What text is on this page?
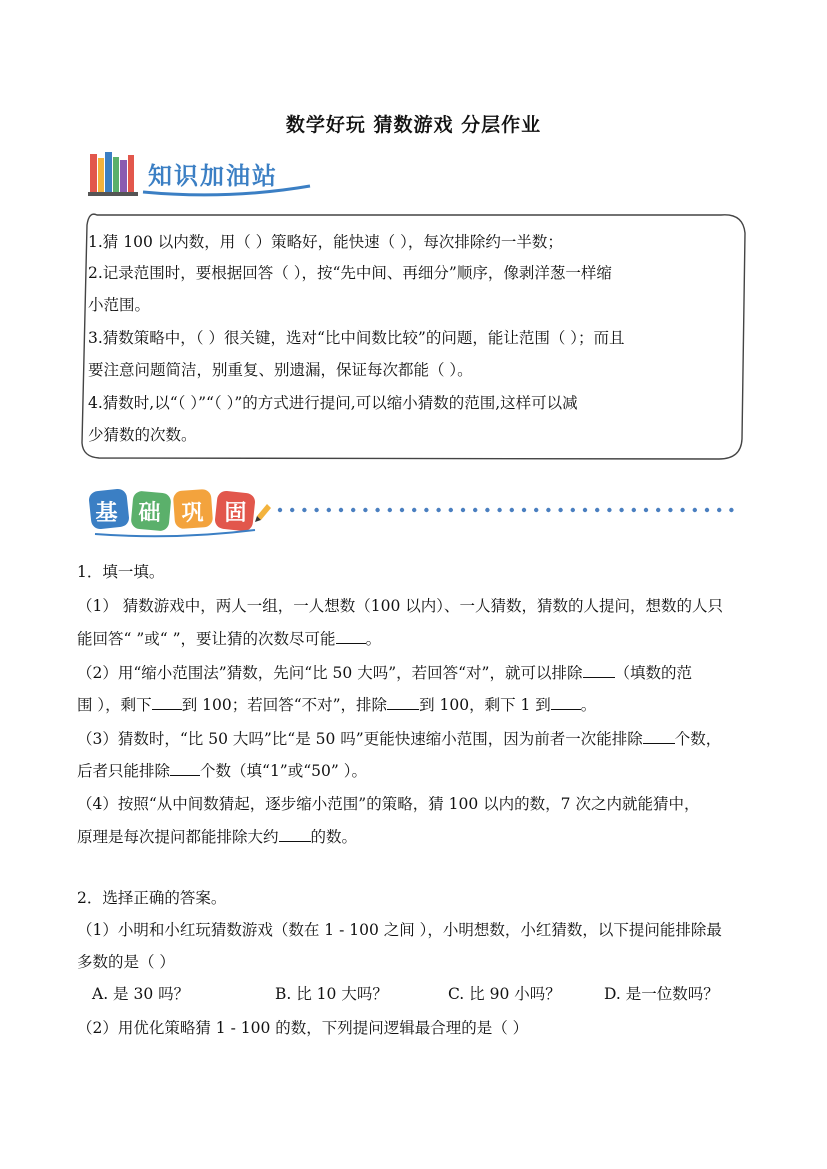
数学好玩 猜数游戏 分层作业
知识加油站
1.猜 100 以内数，用（ ）策略好，能快速（ ），每次排除约一半数；
2.记录范围时，要根据回答（ ），按“先中间、再细分”顺序，像剥洋葱一样缩
小范围。
3.猜数策略中，（ ）很关键，选对“比中间数比较”的问题，能让范围（ ）；而且
要注意问题简洁，别重复、别遗漏，保证每次都能（ ）。
4.猜数时,以“（ ）”“（ ）”的方式进行提问,可以缩小猜数的范围,这样可以减
少猜数的次数。
基 础 巩 固
1．填一填。
（1） 猜数游戏中，两人一组，一人想数（100 以内）、一人猜数，猜数的人提问，想数的人只
能回答“ ”或“ ”，要让猜的次数尽可能 。
（2）用“缩小范围法”猜数，先问“比 50 大吗”，若回答“对”，就可以排除 （填数的范
围 ），剩下 到 100；若回答“不对”，排除 到 100，剩下 1 到 。
（3）猜数时，“比 50 大吗”比“是 50 吗”更能快速缩小范围，因为前者一次能排除 个数，
后者只能排除 个数（填“1”或“50” ）。
（4）按照“从中间数猜起，逐步缩小范围”的策略，猜 100 以内的数，7 次之内就能猜中，
原理是每次提问都能排除大约 的数。
2．选择正确的答案。
（1）小明和小红玩猜数游戏（数在 1 - 100 之间 ），小明想数，小红猜数，以下提问能排除最
多数的是（ ）
A. 是 30 吗？	B. 比 10 大吗？	C. 比 90 小吗？	D. 是一位数吗？
（2）用优化策略猜 1 - 100 的数，下列提问逻辑最合理的是（ ）
